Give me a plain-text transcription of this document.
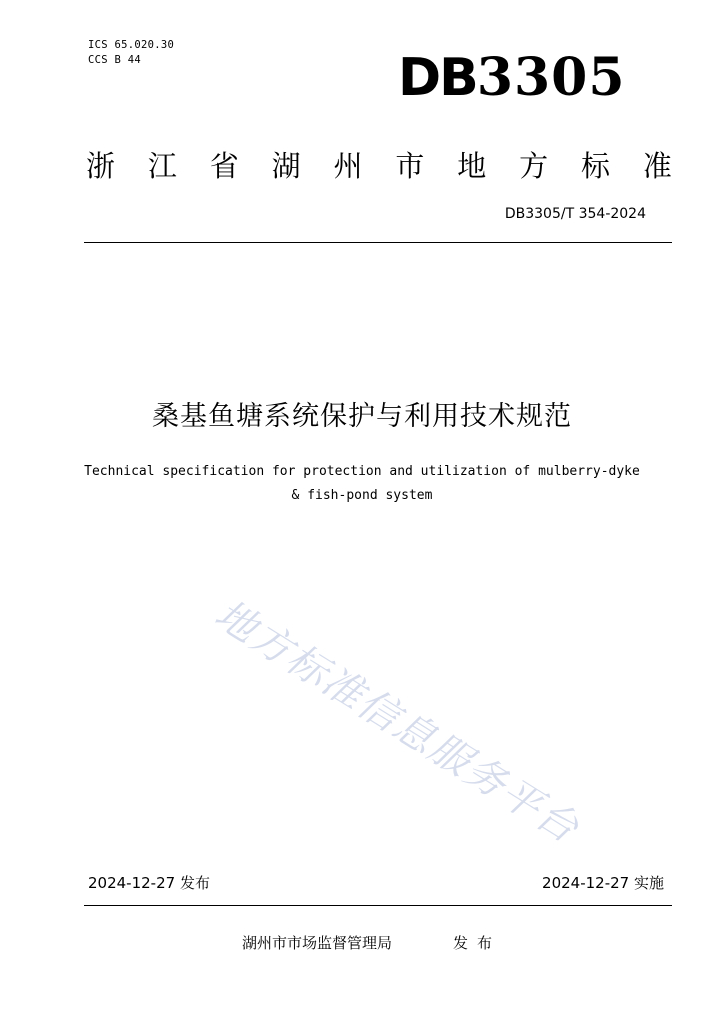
ICS 65.020.30
CCS B 44	DB3305
浙 江 省 湖 州 市 地 方 标 准
DB3305/T 354-2024
桑基鱼塘系统保护与利用技术规范
Technical specification for protection and utilization of mulberry-dyke
& fish-pond system
地方标准信息服务平台
2024-12-27 发布	2024-12-27 实施
湖州市市场监督管理局	发布
